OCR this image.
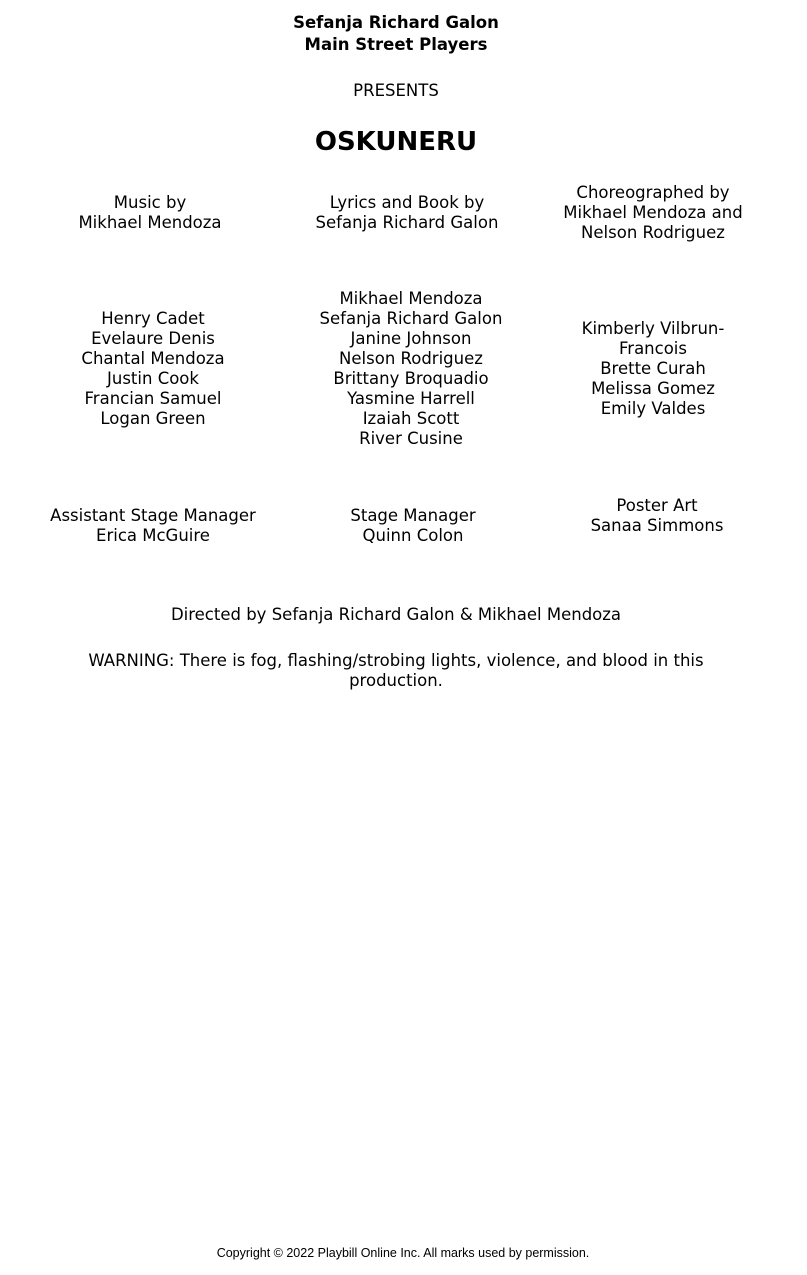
Sefanja Richard Galon
Main Street Players
PRESENTS
OSKUNERU
Music by
Mikhael Mendoza
Lyrics and Book by
Sefanja Richard Galon
Choreographed by
Mikhael Mendoza and
Nelson Rodriguez
Henry Cadet
Evelaure Denis
Chantal Mendoza
Justin Cook
Francian Samuel
Logan Green
Mikhael Mendoza
Sefanja Richard Galon
Janine Johnson
Nelson Rodriguez
Brittany Broquadio
Yasmine Harrell
Izaiah Scott
River Cusine
Kimberly Vilbrun-
Francois
Brette Curah
Melissa Gomez
Emily Valdes
Assistant Stage Manager
Erica McGuire
Stage Manager
Quinn Colon
Poster Art
Sanaa Simmons
Directed by Sefanja Richard Galon & Mikhael Mendoza
WARNING: There is fog, flashing/strobing lights, violence, and blood in this production.
Copyright © 2022 Playbill Online Inc. All marks used by permission.
